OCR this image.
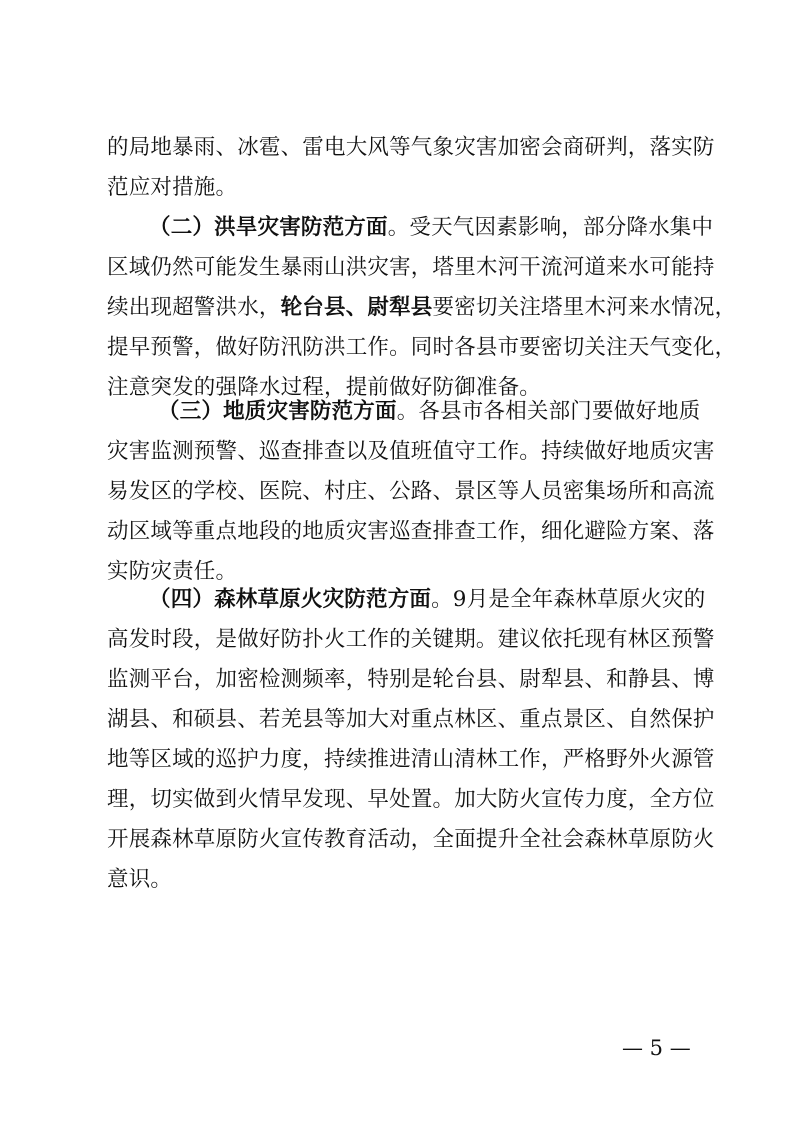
的局地暴雨、冰雹、雷电大风等气象灾害加密会商研判，落实防
范应对措施。
（二）洪旱灾害防范方面。受天气因素影响，部分降水集中
区域仍然可能发生暴雨山洪灾害，塔里木河干流河道来水可能持
续出现超警洪水，轮台县、尉犁县要密切关注塔里木河来水情况，
提早预警，做好防汛防洪工作。同时各县市要密切关注天气变化，
注意突发的强降水过程，提前做好防御准备。
（三）地质灾害防范方面。各县市各相关部门要做好地质
灾害监测预警、巡查排查以及值班值守工作。持续做好地质灾害
易发区的学校、医院、村庄、公路、景区等人员密集场所和高流
动区域等重点地段的地质灾害巡查排查工作，细化避险方案、落
实防灾责任。
（四）森林草原火灾防范方面。9月是全年森林草原火灾的
高发时段，是做好防扑火工作的关键期。建议依托现有林区预警
监测平台，加密检测频率，特别是轮台县、尉犁县、和静县、博
湖县、和硕县、若羌县等加大对重点林区、重点景区、自然保护
地等区域的巡护力度，持续推进清山清林工作，严格野外火源管
理，切实做到火情早发现、早处置。加大防火宣传力度，全方位
开展森林草原防火宣传教育活动，全面提升全社会森林草原防火
意识。
— 5 —
